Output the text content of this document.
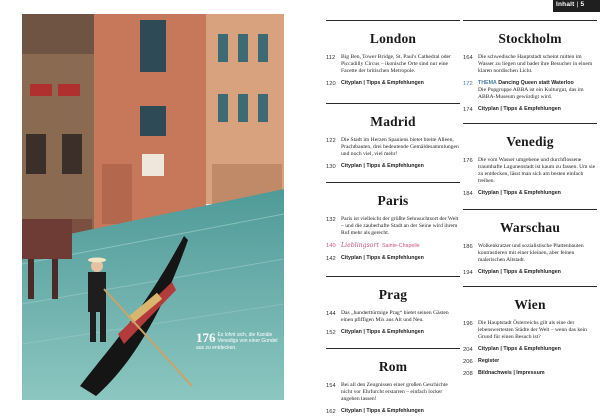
176 Es lohnt sich, die Kanäle Venedigs von einer Gondel aus zu entdecken.
Inhalt | 5
London
112	Big Ben, Tower Bridge, St. Paul's Cathedral oder Piccadilly Circus – ikonische Orte sind nur eine Facette der britischen Metropole.
120	Cityplan | Tipps & Empfehlungen
Madrid
122 Die Stadt im Herzen Spaniens bietet breite Alleen, Prachtbauten, drei bedeutende Gemäldesammlungen und noch viel, viel mehr!
130	Cityplan | Tipps & Empfehlungen
Paris
132 Paris ist vielleicht der größte Sehnsuchtsort der Welt – und die zauberhafte Stadt an der Seine wird ihrem Ruf mehr als gerecht.
140 Lieblingsort Sainte-Chapelle
142	Cityplan | Tipps & Empfehlungen
Prag
144 Das „hunderttürmige Prag“ bietet seinen Gästen einen pfiffigen Mix aus Alt und Neu.
152	Cityplan | Tipps & Empfehlungen
Rom
154 Bei all den Zeugnissen einer großen Geschichte nicht vor Ehrfurcht erstarren – einfach locker angehen lassen!
162	Cityplan | Tipps & Empfehlungen
Stockholm
164 Die schwedische Hauptstadt scheint mitten im Wasser zu liegen und badet ihre Besucher in einem klaren nordischen Licht.
172	THEMA Dancing Queen statt Waterloo
Die Popgruppe ABBA ist ein Kulturgut, das im ABBA-Museum gewürdigt wird.
174	Cityplan | Tipps & Empfehlungen
Venedig
176 Die vom Wasser umgebene und durchflossene traumhafte Lagunenstadt ist kaum zu fassen. Um sie zu entdecken, lässt man sich am besten einfach treiben.
184	Cityplan | Tipps & Empfehlungen
Warschau
186 Wolkenkratzer und sozialistische Plattenbauten kontrastieren mit einer kleinen, aber feinen malerischen Altstadt.
194	Cityplan | Tipps & Empfehlungen
Wien
196 Die Hauptstadt Österreichs gilt als eine der lebenswertesten Städte der Welt – wenn das kein Grund für einen Besuch ist?
204	Cityplan | Tipps & Empfehlungen
206	Register
208	Bildnachweis | Impressum
